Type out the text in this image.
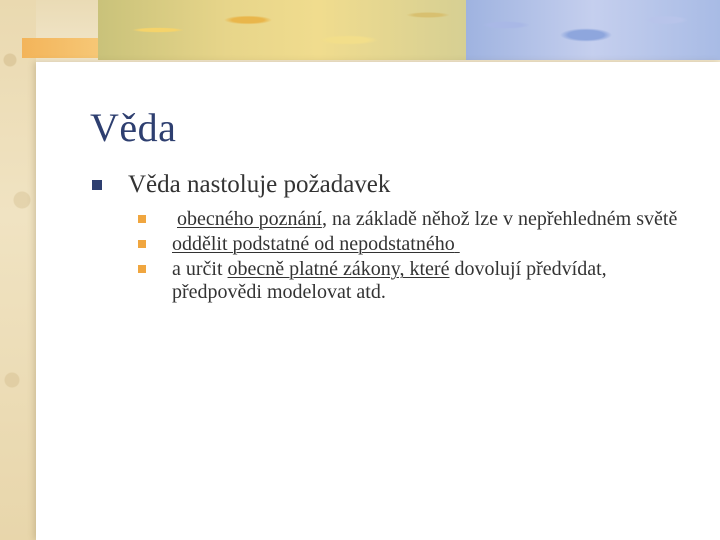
Věda
Věda nastoluje požadavek
obecného poznání, na základě něhož lze v nepřehledném světě
oddělit podstatné od nepodstatného
a určit obecně platné zákony, které dovolují předvídat, předpovědi modelovat atd.
